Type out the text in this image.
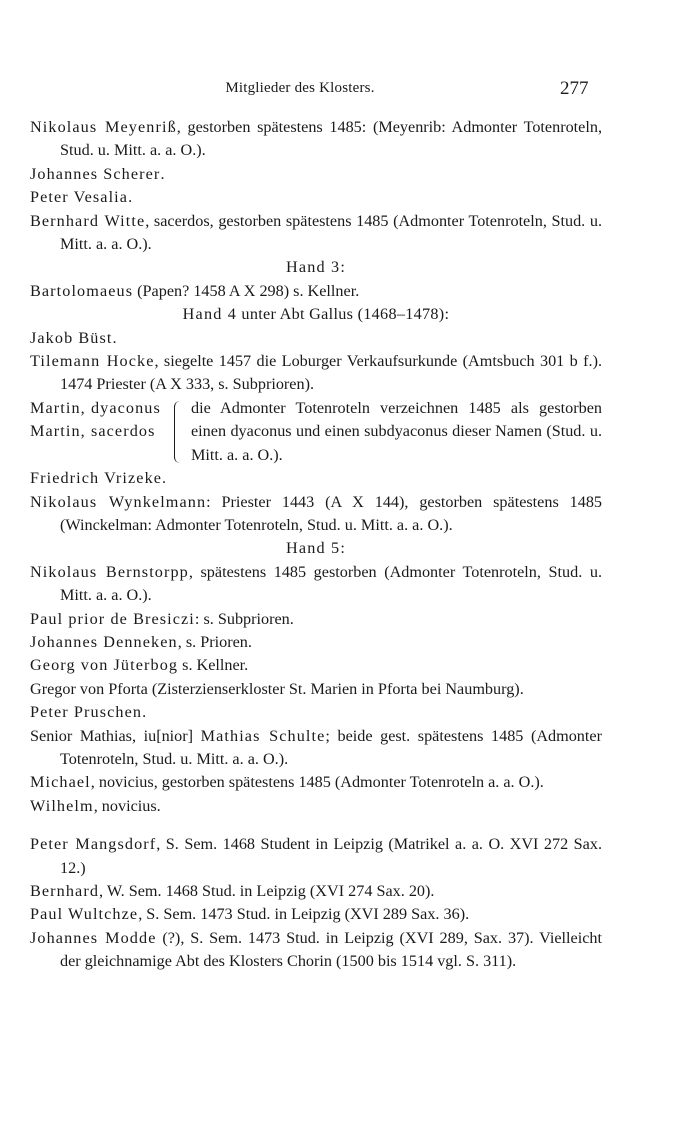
Mitglieder des Klosters.	277
Nikolaus Meyenriß, gestorben spätestens 1485: (Meyenrib: Admonter Totenroteln, Stud. u. Mitt. a. a. O.).
Johannes Scherer.
Peter Vesalia.
Bernhard Witte, sacerdos, gestorben spätestens 1485 (Admonter Totenroteln, Stud. u. Mitt. a. a. O.).
Hand 3:
Bartolomaeus (Papen? 1458 A X 298) s. Kellner.
Hand 4 unter Abt Gallus (1468–1478):
Jakob Büst.
Tilemann Hocke, siegelte 1457 die Loburger Verkaufsurkunde (Amtsbuch 301 b f.). 1474 Priester (A X 333, s. Subprioren).
Martin, dyaconus
Martin, sacerdos
die Admonter Totenroteln verzeichnen 1485 als gestorben einen dyaconus und einen subdyaconus dieser Namen (Stud. u. Mitt. a. a. O.).
Friedrich Vrizeke.
Nikolaus Wynkelmann: Priester 1443 (A X 144), gestorben spätestens 1485 (Winckelman: Admonter Totenroteln, Stud. u. Mitt. a. a. O.).
Hand 5:
Nikolaus Bernstorpp, spätestens 1485 gestorben (Admonter Totenroteln, Stud. u. Mitt. a. a. O.).
Paul prior de Bresiczi: s. Subprioren.
Johannes Denneken, s. Prioren.
Georg von Jüterbog s. Kellner.
Gregor von Pforta (Zisterzienserkloster St. Marien in Pforta bei Naumburg).
Peter Pruschen.
Senior Mathias, iu[nior] Mathias Schulte; beide gest. spätestens 1485 (Admonter Totenroteln, Stud. u. Mitt. a. a. O.).
Michael, novicius, gestorben spätestens 1485 (Admonter Totenroteln a. a. O.).
Wilhelm, novicius.
Peter Mangsdorf, S. Sem. 1468 Student in Leipzig (Matrikel a. a. O. XVI 272 Sax. 12.)
Bernhard, W. Sem. 1468 Stud. in Leipzig (XVI 274 Sax. 20).
Paul Wultchze, S. Sem. 1473 Stud. in Leipzig (XVI 289 Sax. 36).
Johannes Modde (?), S. Sem. 1473 Stud. in Leipzig (XVI 289, Sax. 37). Vielleicht der gleichnamige Abt des Klosters Chorin (1500 bis 1514 vgl. S. 311).
